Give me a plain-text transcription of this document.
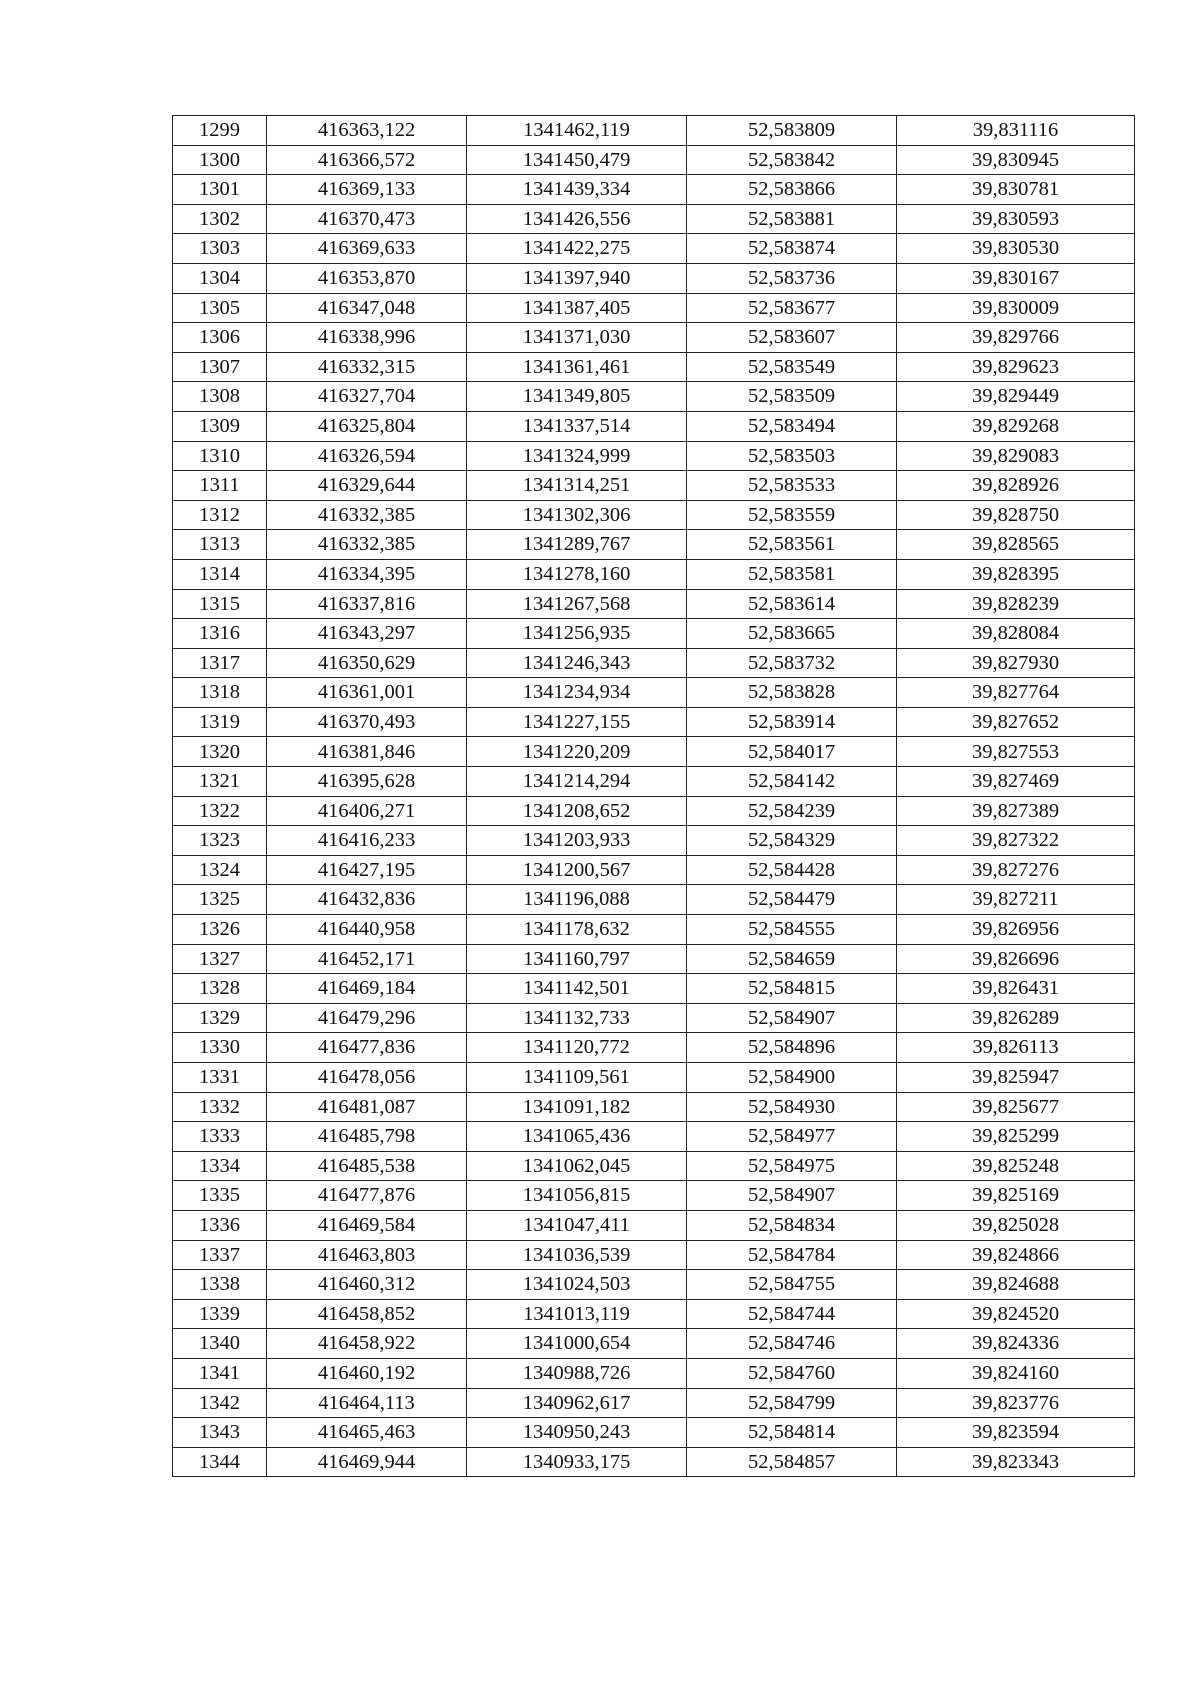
1299	416363,122	1341462,119	52,583809	39,831116
1300	416366,572	1341450,479	52,583842	39,830945
1301	416369,133	1341439,334	52,583866	39,830781
1302	416370,473	1341426,556	52,583881	39,830593
1303	416369,633	1341422,275	52,583874	39,830530
1304	416353,870	1341397,940	52,583736	39,830167
1305	416347,048	1341387,405	52,583677	39,830009
1306	416338,996	1341371,030	52,583607	39,829766
1307	416332,315	1341361,461	52,583549	39,829623
1308	416327,704	1341349,805	52,583509	39,829449
1309	416325,804	1341337,514	52,583494	39,829268
1310	416326,594	1341324,999	52,583503	39,829083
1311	416329,644	1341314,251	52,583533	39,828926
1312	416332,385	1341302,306	52,583559	39,828750
1313	416332,385	1341289,767	52,583561	39,828565
1314	416334,395	1341278,160	52,583581	39,828395
1315	416337,816	1341267,568	52,583614	39,828239
1316	416343,297	1341256,935	52,583665	39,828084
1317	416350,629	1341246,343	52,583732	39,827930
1318	416361,001	1341234,934	52,583828	39,827764
1319	416370,493	1341227,155	52,583914	39,827652
1320	416381,846	1341220,209	52,584017	39,827553
1321	416395,628	1341214,294	52,584142	39,827469
1322	416406,271	1341208,652	52,584239	39,827389
1323	416416,233	1341203,933	52,584329	39,827322
1324	416427,195	1341200,567	52,584428	39,827276
1325	416432,836	1341196,088	52,584479	39,827211
1326	416440,958	1341178,632	52,584555	39,826956
1327	416452,171	1341160,797	52,584659	39,826696
1328	416469,184	1341142,501	52,584815	39,826431
1329	416479,296	1341132,733	52,584907	39,826289
1330	416477,836	1341120,772	52,584896	39,826113
1331	416478,056	1341109,561	52,584900	39,825947
1332	416481,087	1341091,182	52,584930	39,825677
1333	416485,798	1341065,436	52,584977	39,825299
1334	416485,538	1341062,045	52,584975	39,825248
1335	416477,876	1341056,815	52,584907	39,825169
1336	416469,584	1341047,411	52,584834	39,825028
1337	416463,803	1341036,539	52,584784	39,824866
1338	416460,312	1341024,503	52,584755	39,824688
1339	416458,852	1341013,119	52,584744	39,824520
1340	416458,922	1341000,654	52,584746	39,824336
1341	416460,192	1340988,726	52,584760	39,824160
1342	416464,113	1340962,617	52,584799	39,823776
1343	416465,463	1340950,243	52,584814	39,823594
1344	416469,944	1340933,175	52,584857	39,823343
